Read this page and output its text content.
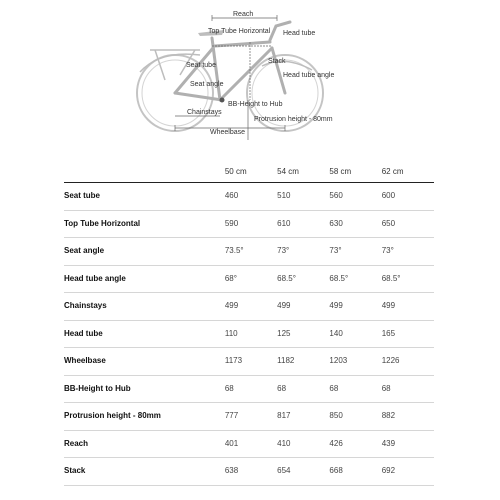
Reach
Top Tube Horizontal Head tube
Seat tube
Stack
Seat angle
Head tube angle
BB-Height to Hub
Chainstays
Protrusion height - 80mm
Wheelbase
	50 cm	54 cm	58 cm	62 cm
Seat tube	460	510	560	600
Top Tube Horizontal	590	610	630	650
Seat angle	73.5°	73°	73°	73°
Head tube angle	68°	68.5°	68.5°	68.5°
Chainstays	499	499	499	499
Head tube	110	125	140	165
Wheelbase	1173	1182	1203	1226
BB-Height to Hub	68	68	68	68
Protrusion height - 80mm	777	817	850	882
Reach	401	410	426	439
Stack	638	654	668	692
